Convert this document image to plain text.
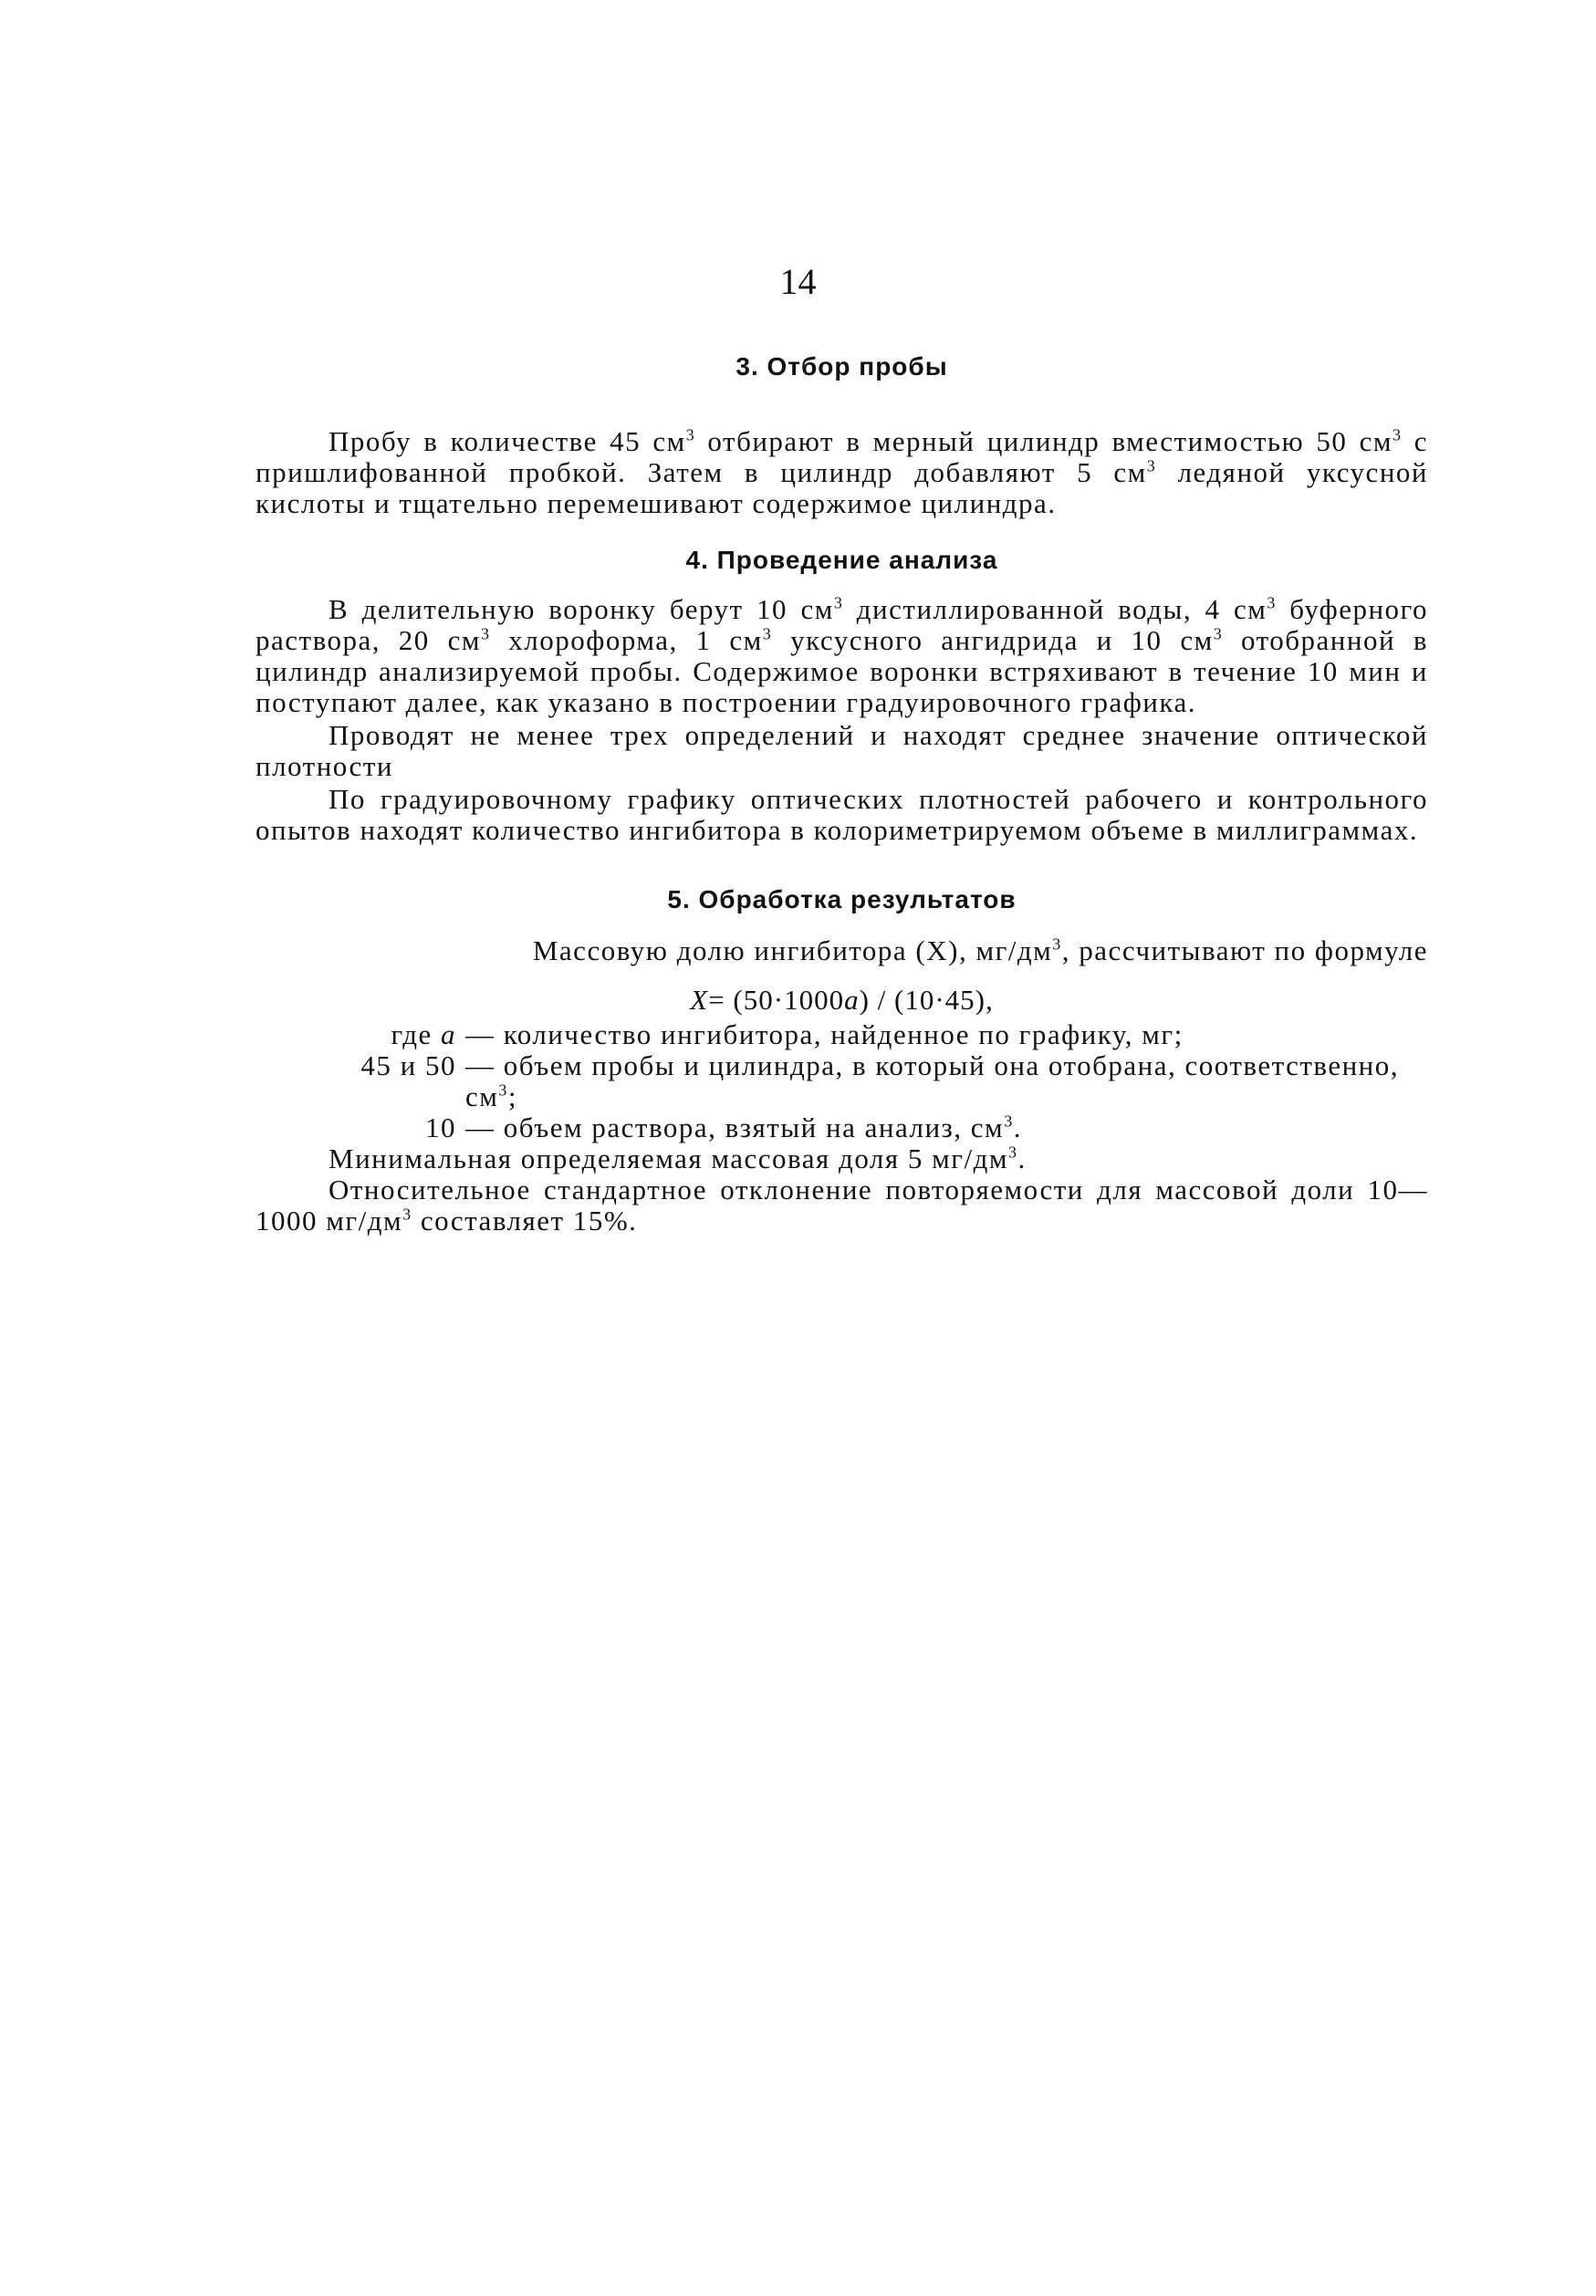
14

3. Отбор пробы

Пробу в количестве 45 $см^3$ отбирают в мерный цилиндр вместимостью 50 $см^3$ с пришлифованной пробкой. Затем в цилиндр добавляют 5 $см^3$ ледяной уксусной кислоты и тщательно перемешивают содержимое цилиндра.

4. Проведение анализа

В делительную воронку берут 10 $см^3$ дистиллированной воды, 4 $см^3$ буферного раствора, 20 $см^3$ хлороформа, 1 $см^3$ уксусного ангидрида и 10 $см^3$ отобранной в цилиндр анализируемой пробы. Содержимое воронки встряхивают в течение 10 мин и поступают далее, как указано в построении градуировочного графика.

Проводят не менее трех определений и находят среднее значение оптической плотности

По градуировочному графику оптических плотностей рабочего и контрольного опытов находят количество ингибитора в колориметрируемом объеме в миллиграммах.

5. Обработка результатов

Массовую долю ингибитора (X), $мг/дм^3$, рассчитывают по формуле

X= (50·1000a) / (10·45),

где a — количество ингибитора, найденное по графику, мг;
45 и 50 — объем пробы и цилиндра, в который она отобрана, соответственно, $см^3$;
10 — объем раствора, взятый на анализ, $см^3$.

Минимальная определяемая массовая доля 5 $мг/дм^3$.

Относительное стандартное отклонение повторяемости для массовой доли 10—1000 $мг/дм^3$ составляет 15%.
